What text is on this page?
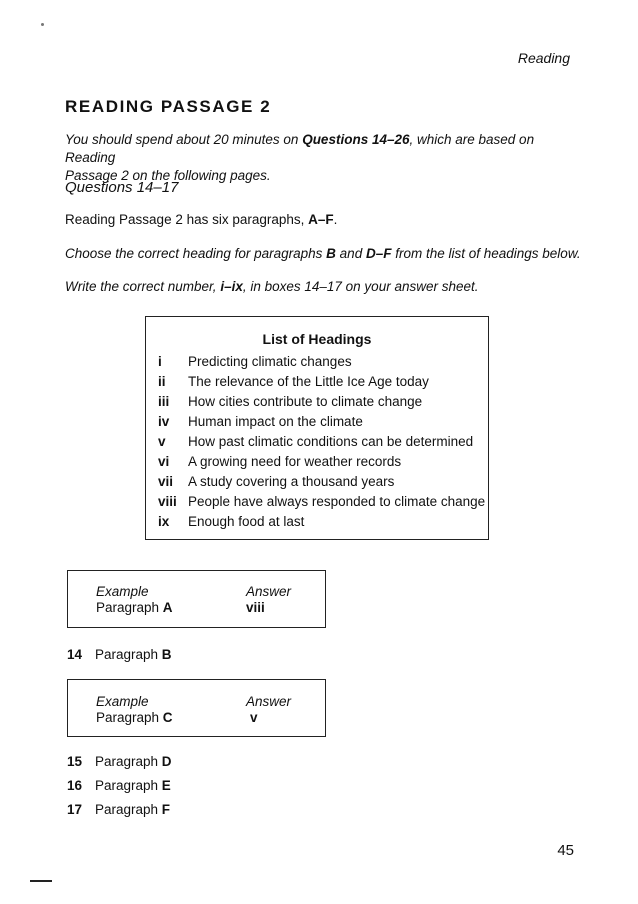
Reading
READING PASSAGE 2
You should spend about 20 minutes on Questions 14–26, which are based on Reading
Passage 2 on the following pages.
Questions 14–17
Reading Passage 2 has six paragraphs, A–F.
Choose the correct heading for paragraphs B and D–F from the list of headings below.
Write the correct number, i–ix, in boxes 14–17 on your answer sheet.
List of Headings
i Predicting climatic changes
ii The relevance of the Little Ice Age today
iii How cities contribute to climate change
iv Human impact on the climate
v How past climatic conditions can be determined
vi A growing need for weather records
vii A study covering a thousand years
viii People have always responded to climate change
ix Enough food at last
Example	Answer
Paragraph A	viii
14 Paragraph B
Example	Answer
Paragraph C	v
15 Paragraph D
16 Paragraph E
17 Paragraph F
45
